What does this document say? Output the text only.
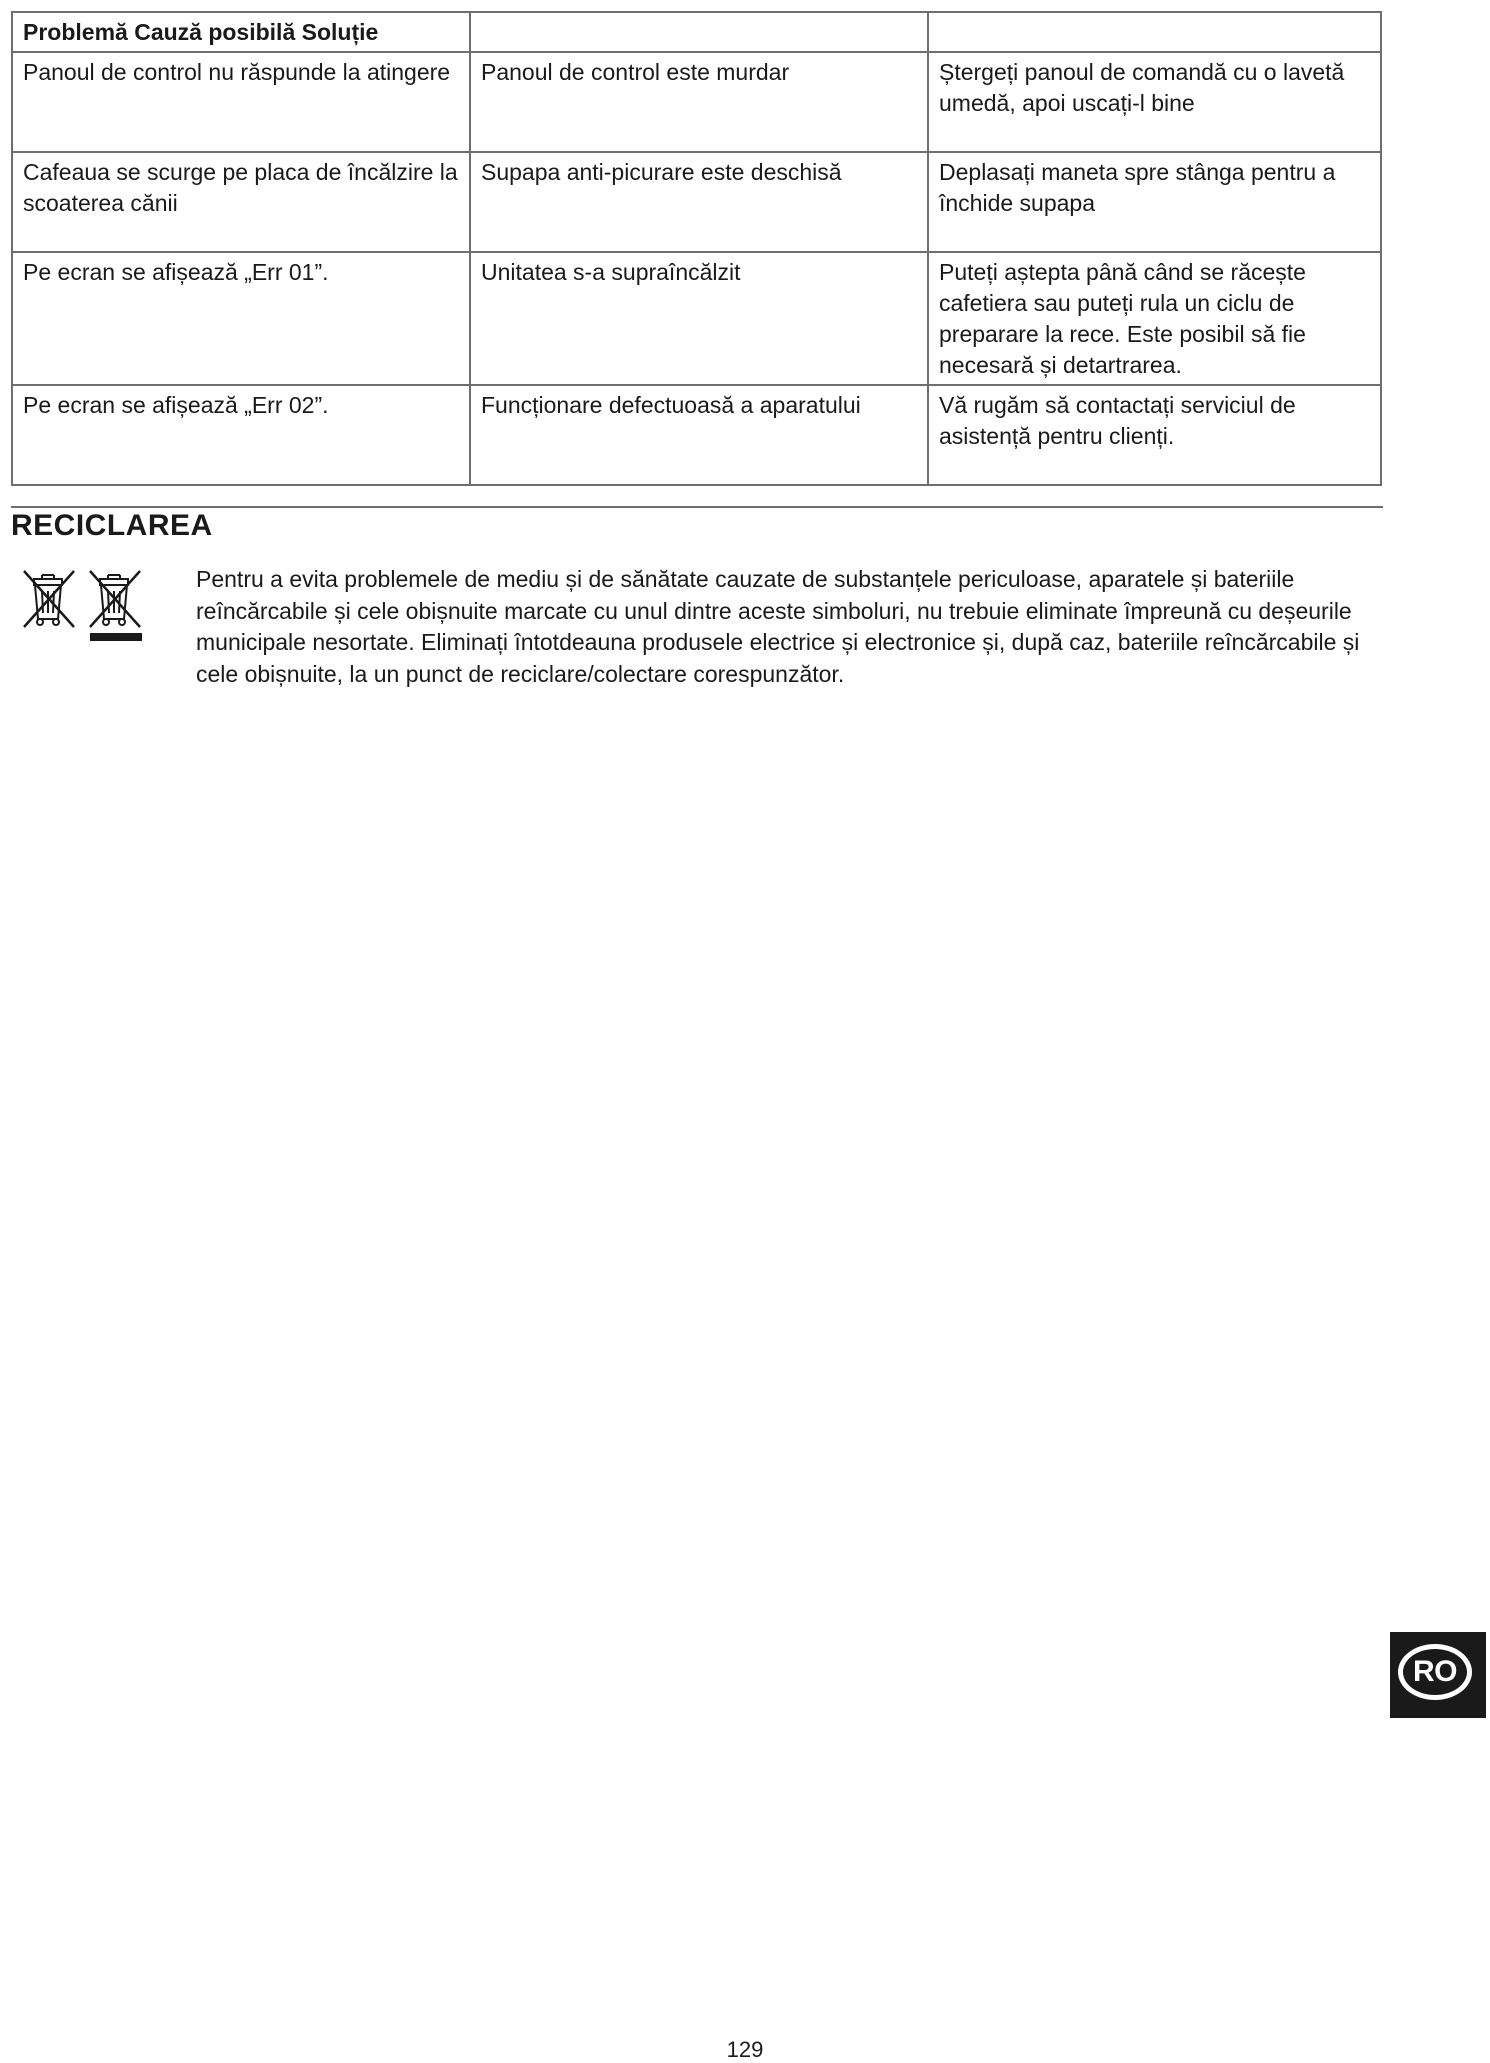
Problemă Cauză posibilă Soluție		
Panoul de control nu răspunde la atingere	Panoul de control este murdar	Ștergeți panoul de comandă cu o lavetă umedă, apoi uscați-l bine
Cafeaua se scurge pe placa de încălzire la scoaterea cănii	Supapa anti-picurare este deschisă	Deplasați maneta spre stânga pentru a închide supapa
Pe ecran se afișează „Err 01”.	Unitatea s-a supraîncălzit	Puteți aștepta până când se răcește cafetiera sau puteți rula un ciclu de preparare la rece. Este posibil să fie necesară și detartrarea.
Pe ecran se afișează „Err 02”.	Funcționare defectuoasă a aparatului	Vă rugăm să contactați serviciul de asistență pentru clienți.
RECICLAREA
Pentru a evita problemele de mediu și de sănătate cauzate de substanțele periculoase, aparatele și bateriile reîncărcabile și cele obișnuite marcate cu unul dintre aceste simboluri, nu trebuie eliminate împreună cu deșeurile municipale nesortate. Eliminați întotdeauna produsele electrice și electronice și, după caz, bateriile reîncărcabile și cele obișnuite, la un punct de reciclare/colectare corespunzător.
RO
129
